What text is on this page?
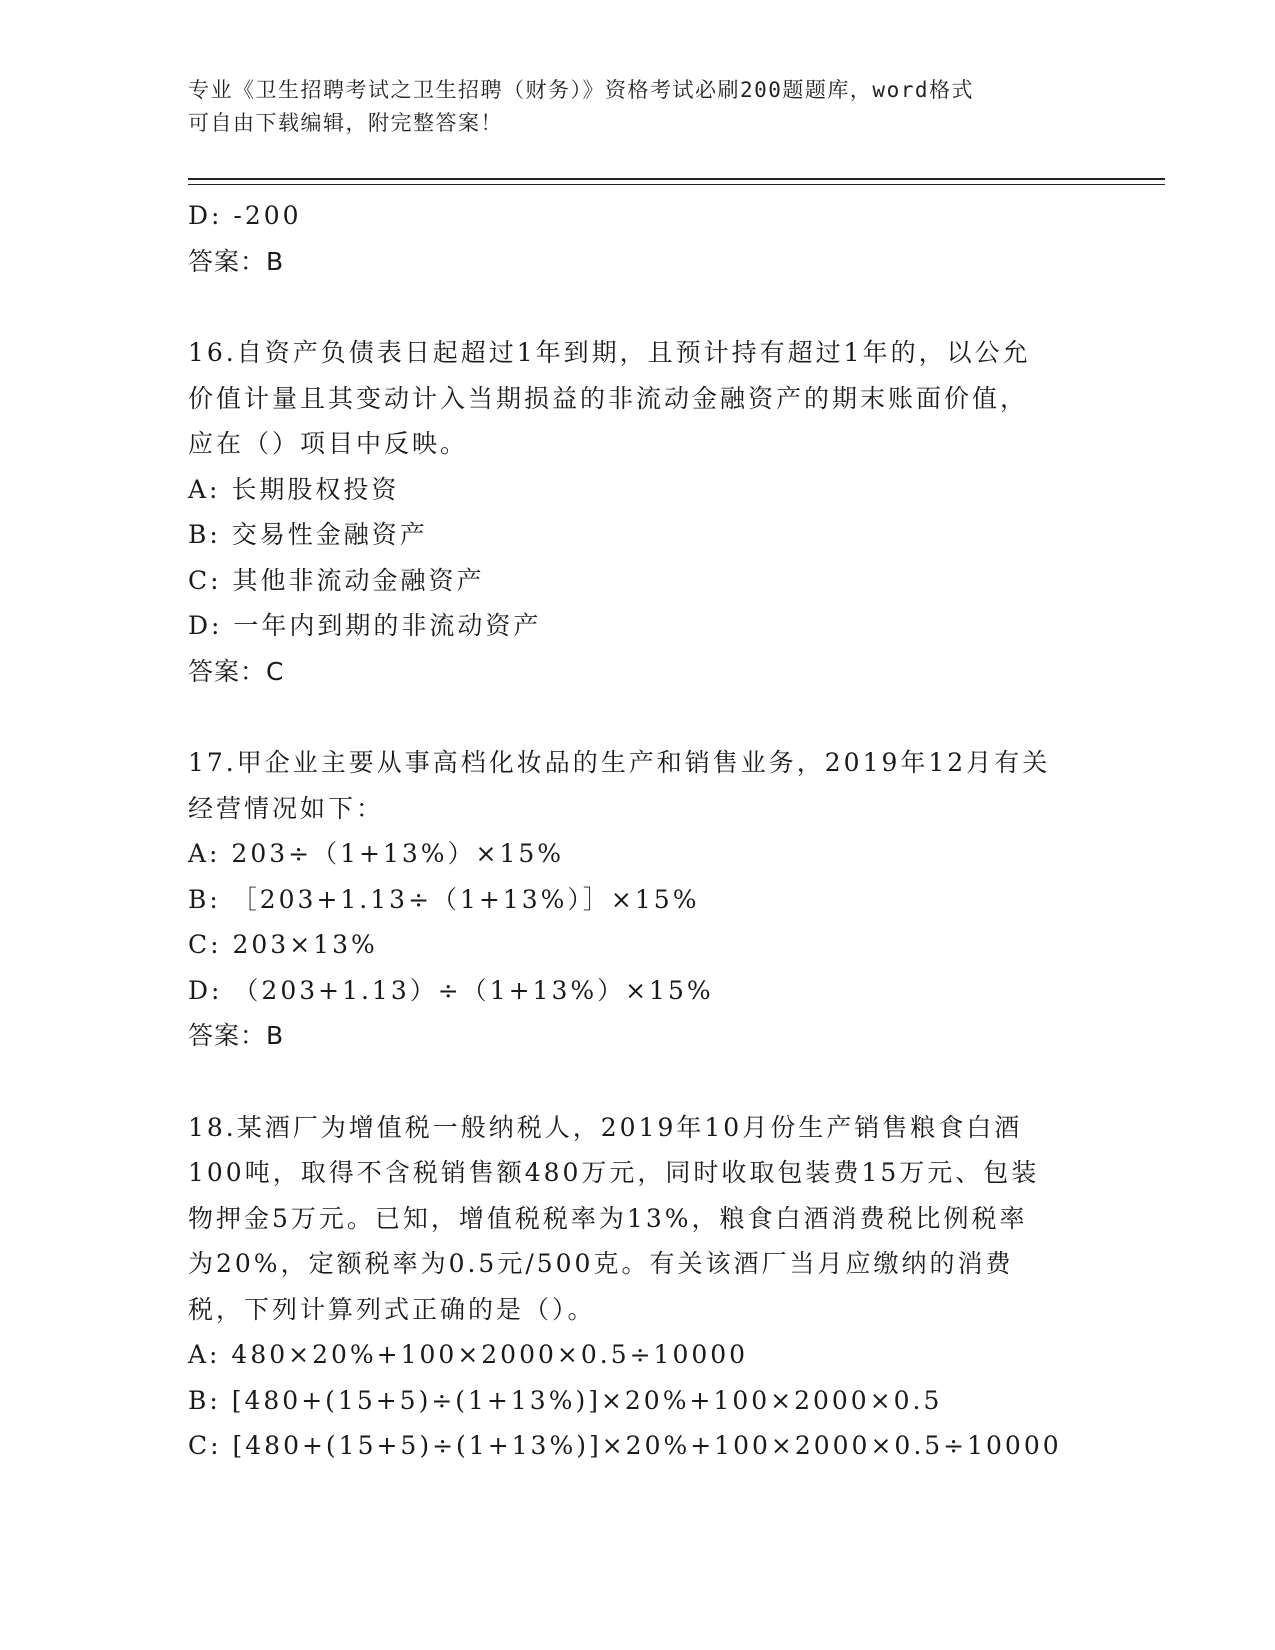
专业《卫生招聘考试之卫生招聘（财务）》资格考试必刷200题题库，word格式
可自由下载编辑，附完整答案！
D: -200
答案：B
16.自资产负债表日起超过1年到期，且预计持有超过1年的，以公允
价值计量且其变动计入当期损益的非流动金融资产的期末账面价值，
应在（）项目中反映。
A: 长期股权投资
B: 交易性金融资产
C: 其他非流动金融资产
D: 一年内到期的非流动资产
答案：C
17.甲企业主要从事高档化妆品的生产和销售业务，2019年12月有关
经营情况如下：
A: 203÷（1+13%）×15%
B: ［203+1.13÷（1+13%）］×15%
C: 203×13%
D: （203+1.13）÷（1+13%）×15%
答案：B
18.某酒厂为增值税一般纳税人，2019年10月份生产销售粮食白酒
100吨，取得不含税销售额480万元，同时收取包装费15万元、包装
物押金5万元。已知，增值税税率为13%，粮食白酒消费税比例税率
为20%，定额税率为0.5元/500克。有关该酒厂当月应缴纳的消费
税，下列计算列式正确的是（）。
A: 480×20%+100×2000×0.5÷10000
B: [480+(15+5)÷(1+13%)]×20%+100×2000×0.5
C: [480+(15+5)÷(1+13%)]×20%+100×2000×0.5÷10000
